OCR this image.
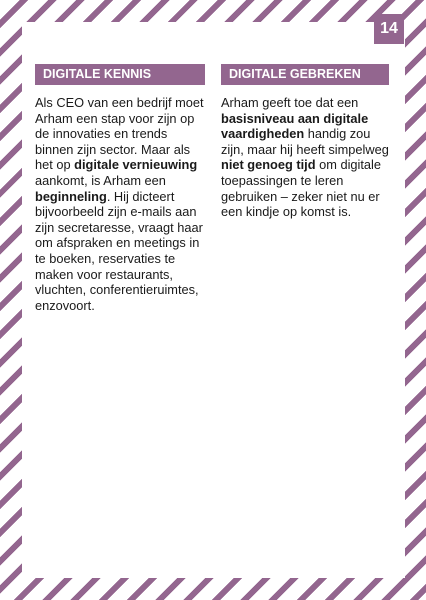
14
DIGITALE KENNIS

Als CEO van een bedrijf moet Arham een stap voor zijn op de innovaties en trends binnen zijn sector. Maar als het op digitale vernieuwing aankomt, is Arham een beginneling. Hij dicteert bijvoorbeeld zijn e-mails aan zijn secretaresse, vraagt haar om afspraken en meetings in te boeken, reservaties te maken voor restaurants, vluchten, conferentieruimtes, enzovoort.

DIGITALE GEBREKEN

Arham geeft toe dat een basisniveau aan digitale vaardigheden handig zou zijn, maar hij heeft simpelweg niet genoeg tijd om digitale toepassingen te leren gebruiken – zeker niet nu er een kindje op komst is.
